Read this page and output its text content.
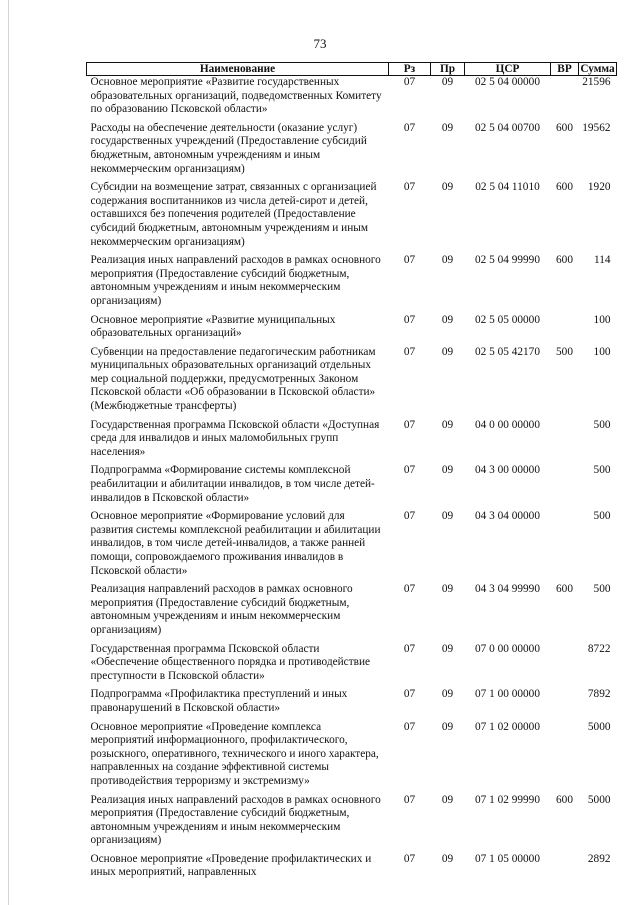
73
Наименование	Рз	Пр	ЦСР	ВР	Сумма
Основное мероприятие «Развитие государственных образовательных организаций, подведомственных Комитету по образованию Псковской области»	07	09	02 5 04 00000		21596
Расходы на обеспечение деятельности (оказание услуг) государственных учреждений (Предоставление субсидий бюджетным, автономным учреждениям и иным некоммерческим организациям)	07	09	02 5 04 00700	600	19562
Субсидии на возмещение затрат, связанных с организацией содержания воспитанников из числа детей-сирот и детей, оставшихся без попечения родителей (Предоставление субсидий бюджетным, автономным учреждениям и иным некоммерческим организациям)	07	09	02 5 04 11010	600	1920
Реализация иных направлений расходов в рамках основного мероприятия (Предоставление субсидий бюджетным, автономным учреждениям и иным некоммерческим организациям)	07	09	02 5 04 99990	600	114
Основное мероприятие «Развитие муниципальных образовательных организаций»	07	09	02 5 05 00000		100
Субвенции на предоставление педагогическим работникам муниципальных образовательных организаций отдельных мер социальной поддержки, предусмотренных Законом Псковской области «Об образовании в Псковской области» (Межбюджетные трансферты)	07	09	02 5 05 42170	500	100
Государственная программа Псковской области «Доступная среда для инвалидов и иных маломобильных групп населения»	07	09	04 0 00 00000		500
Подпрограмма «Формирование системы комплексной реабилитации и абилитации инвалидов, в том числе детей-инвалидов в Псковской области»	07	09	04 3 00 00000		500
Основное мероприятие «Формирование условий для развития системы комплексной реабилитации и абилитации инвалидов, в том числе детей-инвалидов, а также ранней помощи, сопровождаемого проживания инвалидов в Псковской области»	07	09	04 3 04 00000		500
Реализация направлений расходов в рамках основного мероприятия (Предоставление субсидий бюджетным, автономным учреждениям и иным некоммерческим организациям)	07	09	04 3 04 99990	600	500
Государственная программа Псковской области «Обеспечение общественного порядка и противодействие преступности в Псковской области»	07	09	07 0 00 00000		8722
Подпрограмма «Профилактика преступлений и иных правонарушений в Псковской области»	07	09	07 1 00 00000		7892
Основное мероприятие «Проведение комплекса мероприятий информационного, профилактического, розыскного, оперативного, технического и иного характера, направленных на создание эффективной системы противодействия терроризму и экстремизму»	07	09	07 1 02 00000		5000
Реализация иных направлений расходов в рамках основного мероприятия (Предоставление субсидий бюджетным, автономным учреждениям и иным некоммерческим организациям)	07	09	07 1 02 99990	600	5000
Основное мероприятие «Проведение профилактических и иных мероприятий, направленных	07	09	07 1 05 00000		2892
